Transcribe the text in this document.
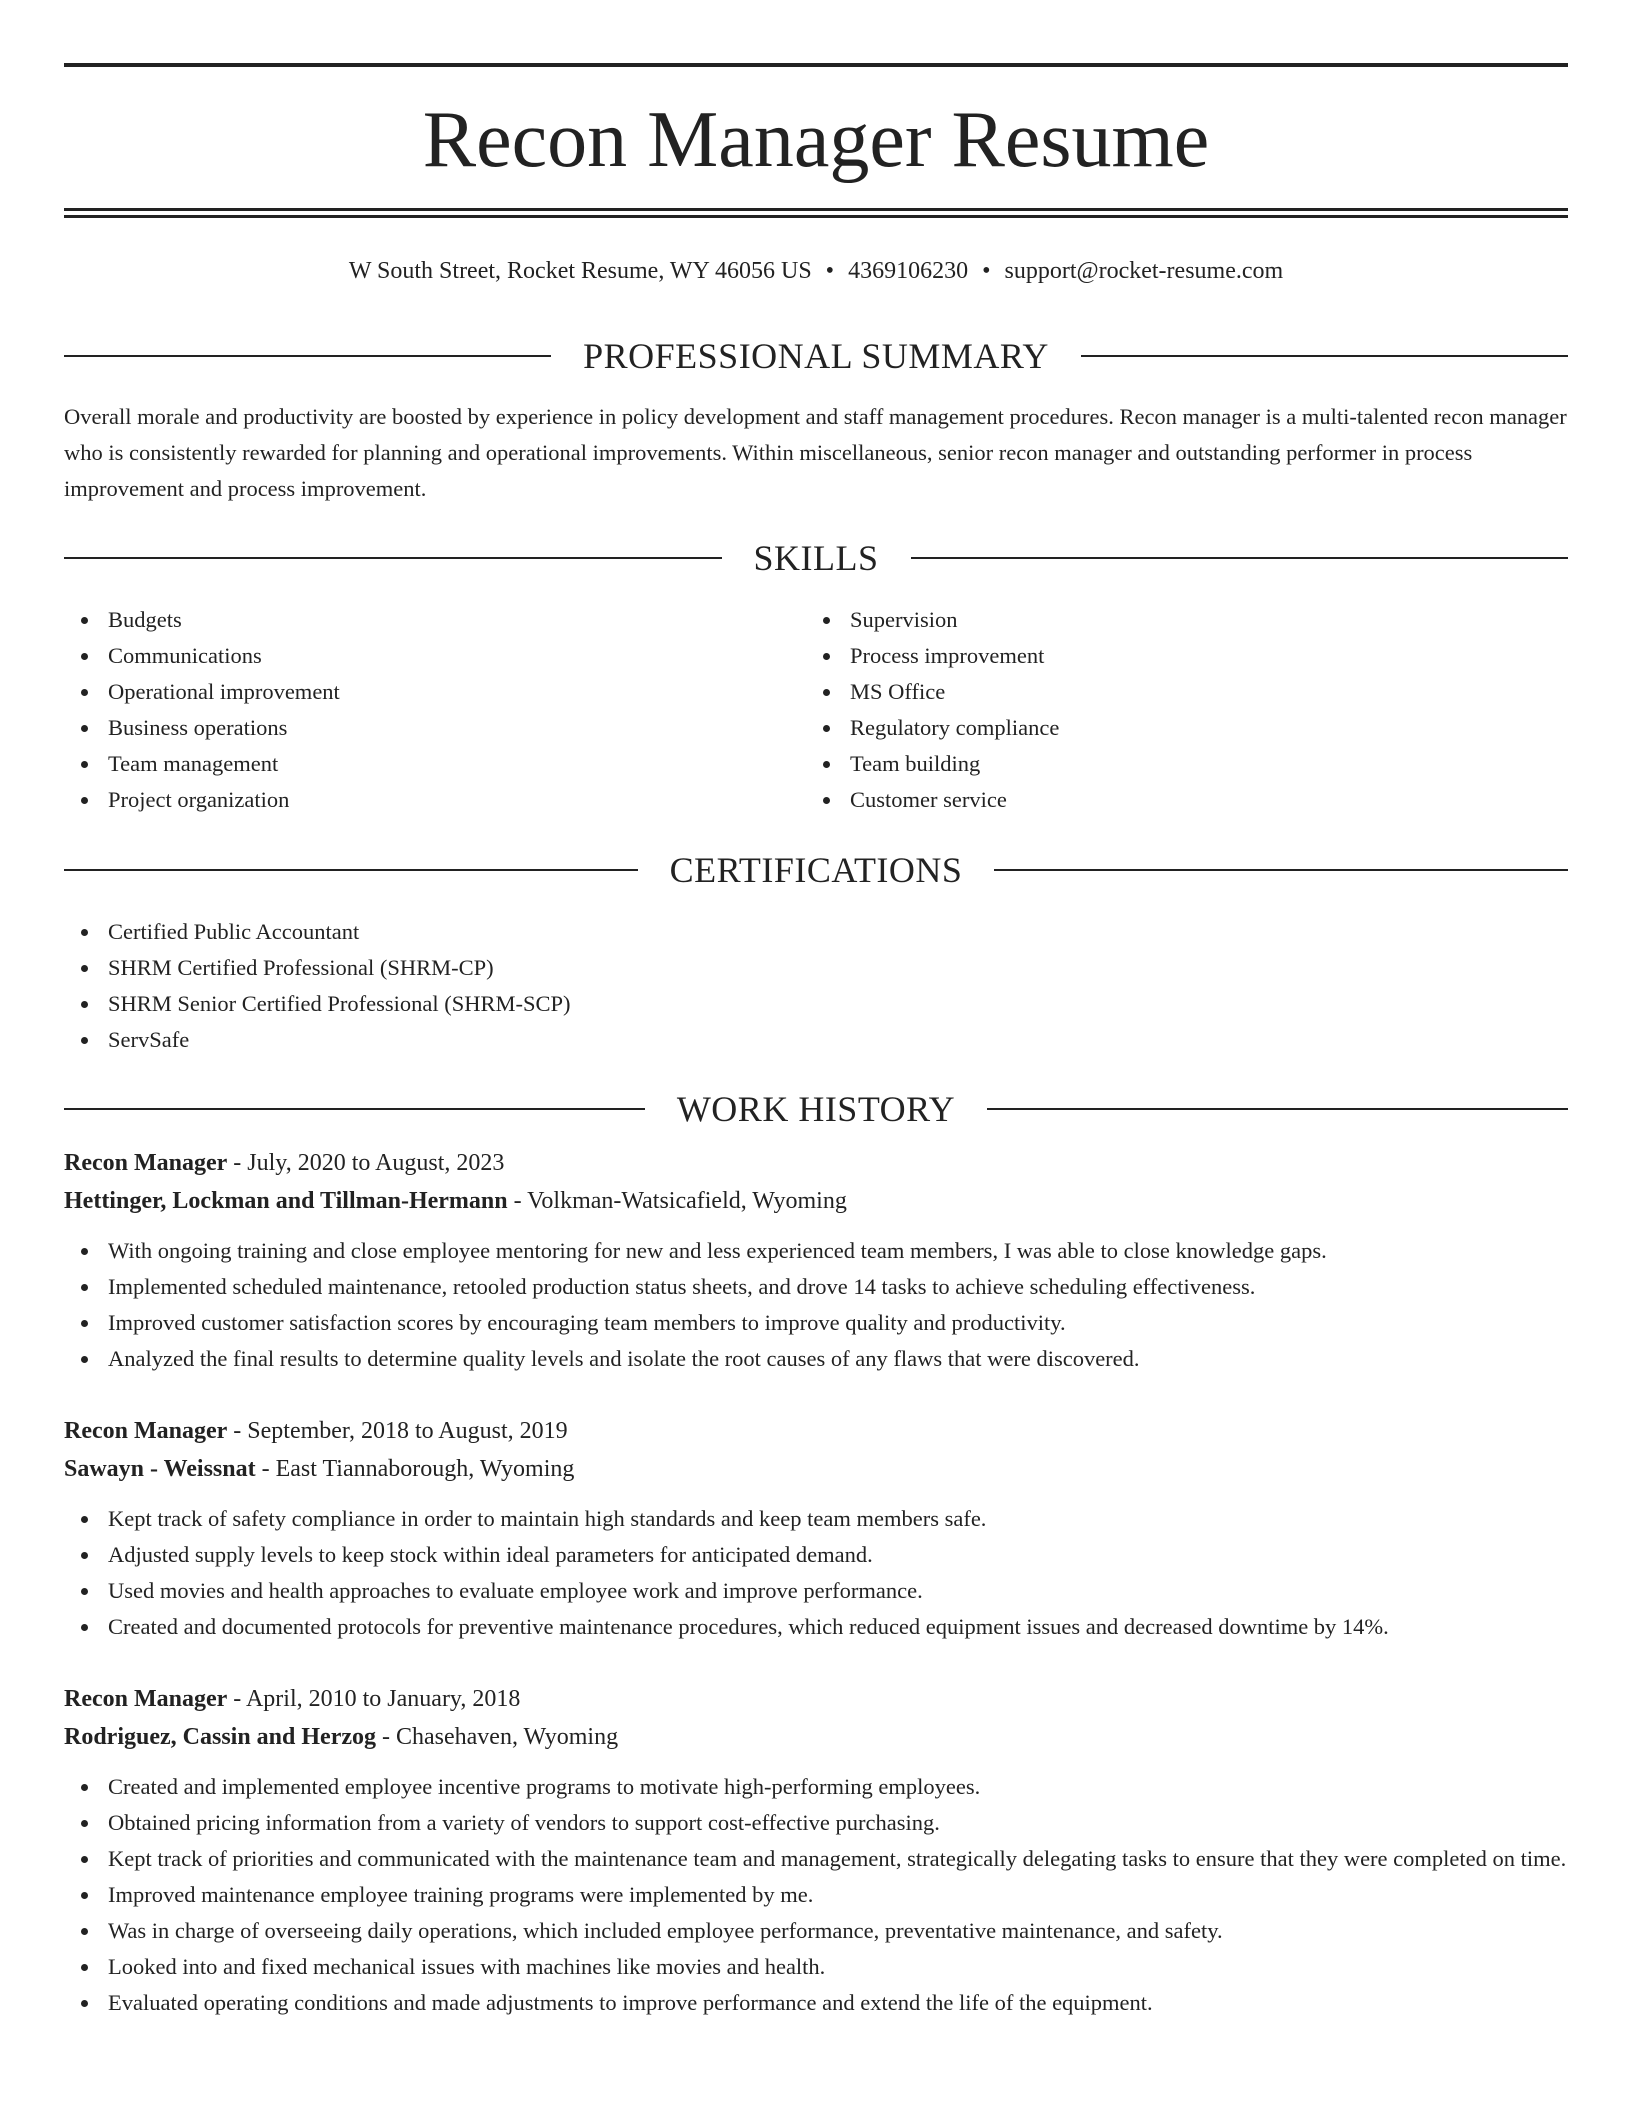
Recon Manager Resume
W South Street, Rocket Resume, WY 46056 US • 4369106230 • support@rocket-resume.com
PROFESSIONAL SUMMARY
Overall morale and productivity are boosted by experience in policy development and staff management procedures. Recon manager is a multi-talented recon manager who is consistently rewarded for planning and operational improvements. Within miscellaneous, senior recon manager and outstanding performer in process improvement and process improvement.
SKILLS
Budgets
Communications
Operational improvement
Business operations
Team management
Project organization
Supervision
Process improvement
MS Office
Regulatory compliance
Team building
Customer service
CERTIFICATIONS
Certified Public Accountant
SHRM Certified Professional (SHRM-CP)
SHRM Senior Certified Professional (SHRM-SCP)
ServSafe
WORK HISTORY
Recon Manager - July, 2020 to August, 2023
Hettinger, Lockman and Tillman-Hermann - Volkman-Watsicafield, Wyoming
With ongoing training and close employee mentoring for new and less experienced team members, I was able to close knowledge gaps.
Implemented scheduled maintenance, retooled production status sheets, and drove 14 tasks to achieve scheduling effectiveness.
Improved customer satisfaction scores by encouraging team members to improve quality and productivity.
Analyzed the final results to determine quality levels and isolate the root causes of any flaws that were discovered.
Recon Manager - September, 2018 to August, 2019
Sawayn - Weissnat - East Tiannaborough, Wyoming
Kept track of safety compliance in order to maintain high standards and keep team members safe.
Adjusted supply levels to keep stock within ideal parameters for anticipated demand.
Used movies and health approaches to evaluate employee work and improve performance.
Created and documented protocols for preventive maintenance procedures, which reduced equipment issues and decreased downtime by 14%.
Recon Manager - April, 2010 to January, 2018
Rodriguez, Cassin and Herzog - Chasehaven, Wyoming
Created and implemented employee incentive programs to motivate high-performing employees.
Obtained pricing information from a variety of vendors to support cost-effective purchasing.
Kept track of priorities and communicated with the maintenance team and management, strategically delegating tasks to ensure that they were completed on time.
Improved maintenance employee training programs were implemented by me.
Was in charge of overseeing daily operations, which included employee performance, preventative maintenance, and safety.
Looked into and fixed mechanical issues with machines like movies and health.
Evaluated operating conditions and made adjustments to improve performance and extend the life of the equipment.
